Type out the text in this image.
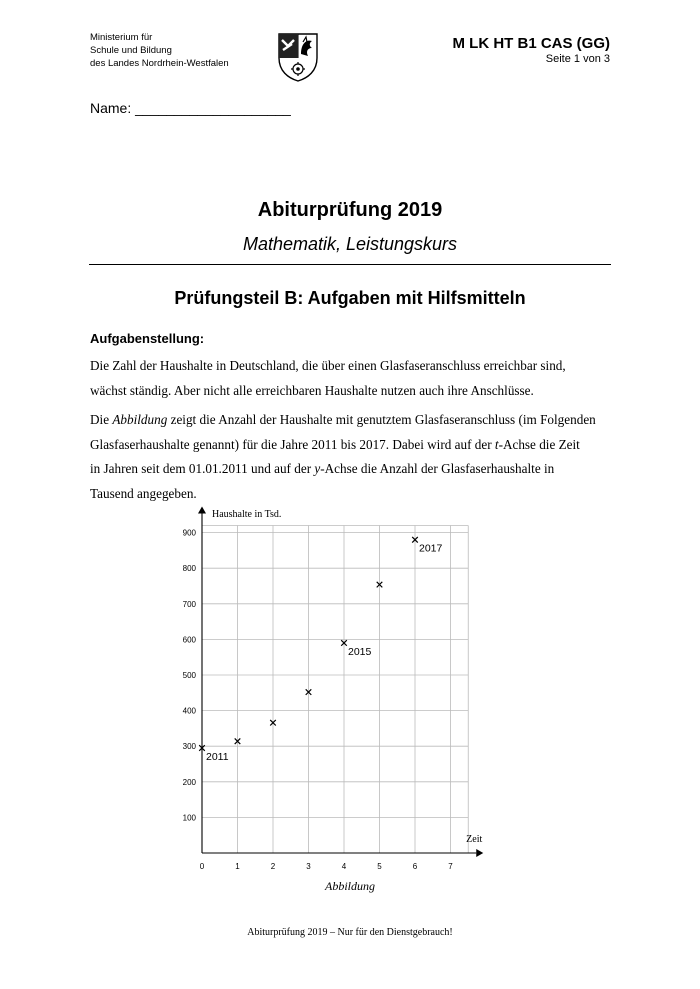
Ministerium für
Schule und Bildung
des Landes Nordrhein-Westfalen
M LK HT B1 CAS (GG)
Seite 1 von 3
Name: ____________________
Abiturprüfung 2019
Mathematik, Leistungskurs
Prüfungsteil B: Aufgaben mit Hilfsmitteln
Aufgabenstellung:
Die Zahl der Haushalte in Deutschland, die über einen Glasfaseranschluss erreichbar sind,
wächst ständig. Aber nicht alle erreichbaren Haushalte nutzen auch ihre Anschlüsse.
Die Abbildung zeigt die Anzahl der Haushalte mit genutztem Glasfaseranschluss (im Folgenden
Glasfaserhaushalte genannt) für die Jahre 2011 bis 2017. Dabei wird auf der t-Achse die Zeit
in Jahren seit dem 01.01.2011 und auf der y-Achse die Anzahl der Glasfaserhaushalte in
Tausend angegeben.
0	1	2	3	4	5	6	7
100
200
300
400
500
600
700
800
900
Haushalte in Tsd.
Zeit
2011
2015
2017
Abbildung
Abiturprüfung 2019 – Nur für den Dienstgebrauch!
